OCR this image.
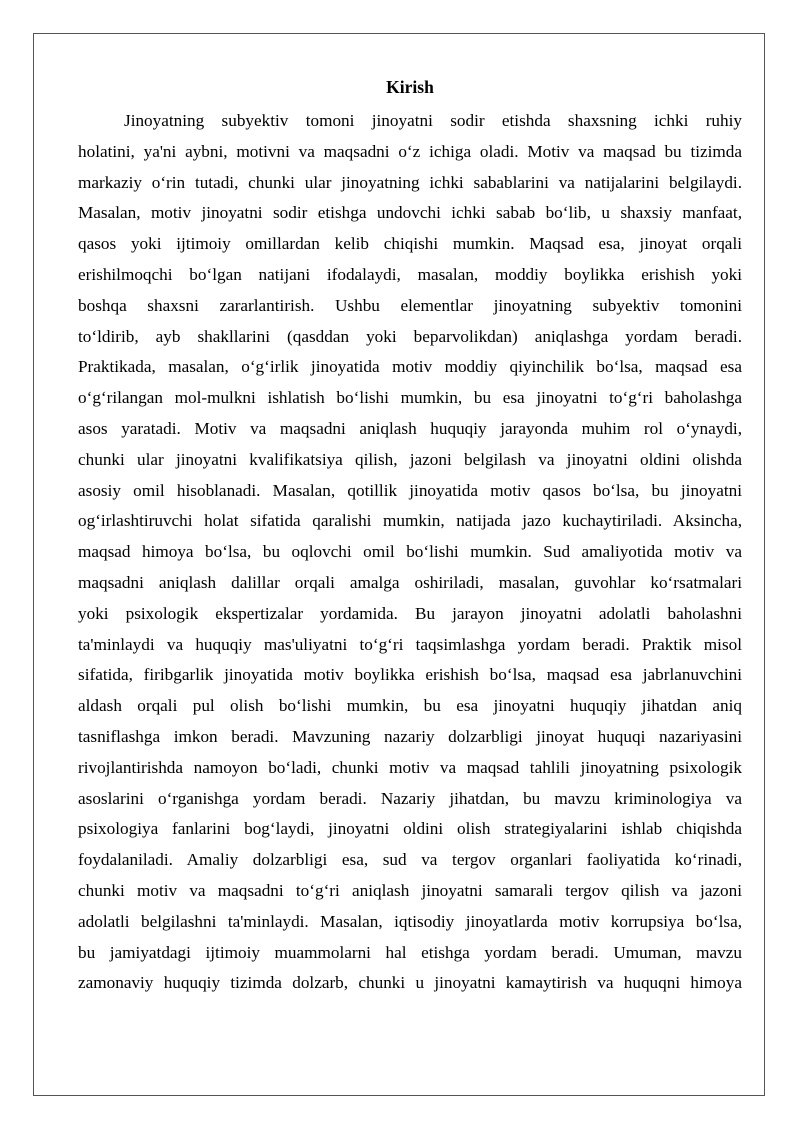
Kirish
Jinoyatning subyektiv tomoni jinoyatni sodir etishda shaxsning ichki ruhiy
holatini, ya'ni aybni, motivni va maqsadni o‘z ichiga oladi. Motiv va maqsad bu tizimda
markaziy o‘rin tutadi, chunki ular jinoyatning ichki sabablarini va natijalarini belgilaydi.
Masalan, motiv jinoyatni sodir etishga undovchi ichki sabab bo‘lib, u shaxsiy manfaat,
qasos yoki ijtimoiy omillardan kelib chiqishi mumkin. Maqsad esa, jinoyat orqali
erishilmoqchi bo‘lgan natijani ifodalaydi, masalan, moddiy boylikka erishish yoki
boshqa shaxsni zararlantirish. Ushbu elementlar jinoyatning subyektiv tomonini
to‘ldirib, ayb shakllarini (qasddan yoki beparvolikdan) aniqlashga yordam beradi.
Praktikada, masalan, o‘g‘irlik jinoyatida motiv moddiy qiyinchilik bo‘lsa, maqsad esa
o‘g‘rilangan mol-mulkni ishlatish bo‘lishi mumkin, bu esa jinoyatni to‘g‘ri baholashga
asos yaratadi. Motiv va maqsadni aniqlash huquqiy jarayonda muhim rol o‘ynaydi,
chunki ular jinoyatni kvalifikatsiya qilish, jazoni belgilash va jinoyatni oldini olishda
asosiy omil hisoblanadi. Masalan, qotillik jinoyatida motiv qasos bo‘lsa, bu jinoyatni
og‘irlashtiruvchi holat sifatida qaralishi mumkin, natijada jazo kuchaytiriladi. Aksincha,
maqsad himoya bo‘lsa, bu oqlovchi omil bo‘lishi mumkin. Sud amaliyotida motiv va
maqsadni aniqlash dalillar orqali amalga oshiriladi, masalan, guvohlar ko‘rsatmalari
yoki psixologik ekspertizalar yordamida. Bu jarayon jinoyatni adolatli baholashni
ta'minlaydi va huquqiy mas'uliyatni to‘g‘ri taqsimlashga yordam beradi. Praktik misol
sifatida, firibgarlik jinoyatida motiv boylikka erishish bo‘lsa, maqsad esa jabrlanuvchini
aldash orqali pul olish bo‘lishi mumkin, bu esa jinoyatni huquqiy jihatdan aniq
tasniflashga imkon beradi. Mavzuning nazariy dolzarbligi jinoyat huquqi nazariyasini
rivojlantirishda namoyon bo‘ladi, chunki motiv va maqsad tahlili jinoyatning psixologik
asoslarini o‘rganishga yordam beradi. Nazariy jihatdan, bu mavzu kriminologiya va
psixologiya fanlarini bog‘laydi, jinoyatni oldini olish strategiyalarini ishlab chiqishda
foydalaniladi. Amaliy dolzarbligi esa, sud va tergov organlari faoliyatida ko‘rinadi,
chunki motiv va maqsadni to‘g‘ri aniqlash jinoyatni samarali tergov qilish va jazoni
adolatli belgilashni ta'minlaydi. Masalan, iqtisodiy jinoyatlarda motiv korrupsiya bo‘lsa,
bu jamiyatdagi ijtimoiy muammolarni hal etishga yordam beradi. Umuman, mavzu
zamonaviy huquqiy tizimda dolzarb, chunki u jinoyatni kamaytirish va huquqni himoya
